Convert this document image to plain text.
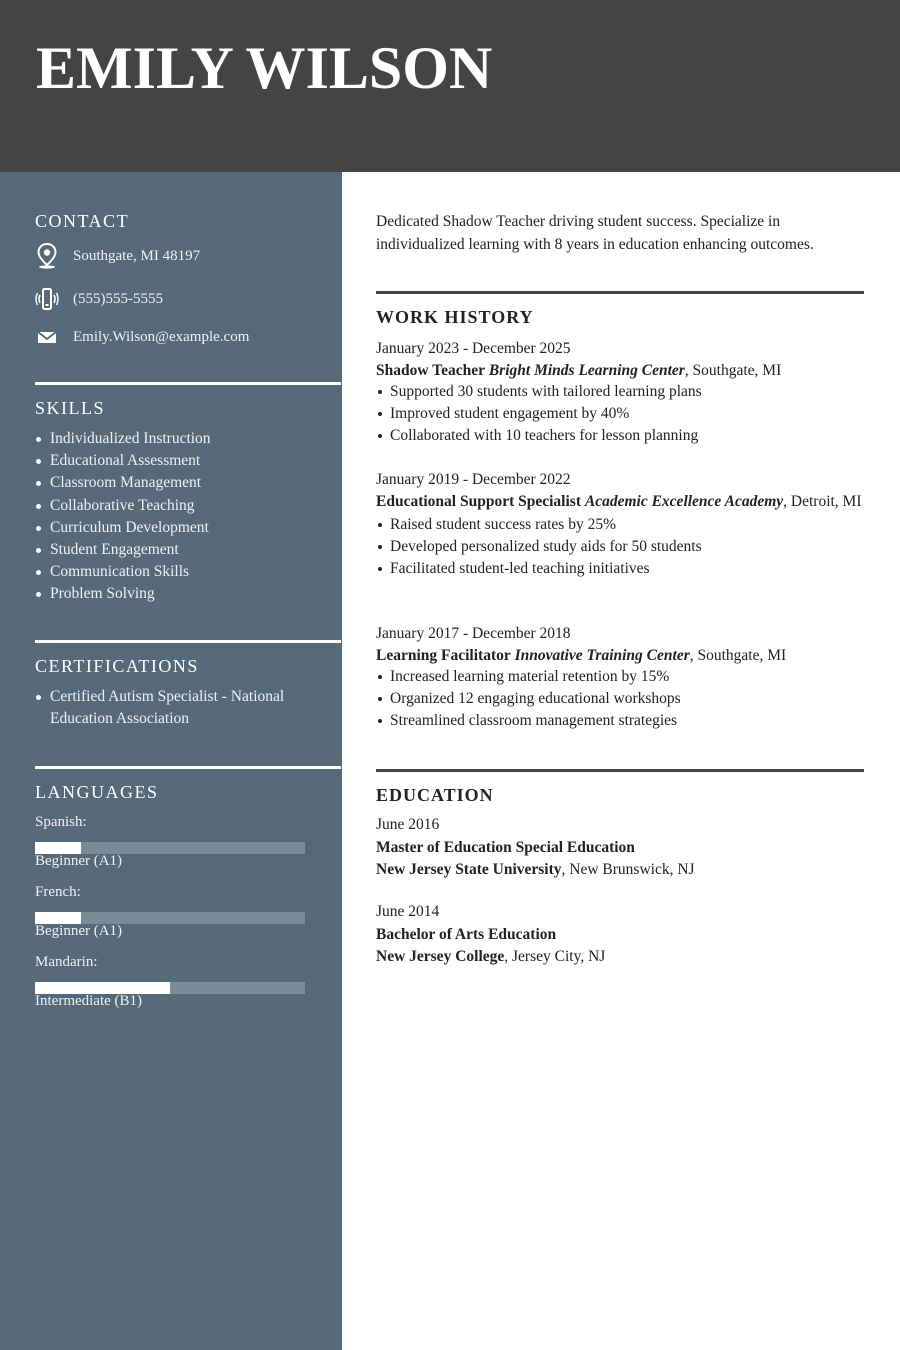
EMILY WILSON
CONTACT
Southgate, MI 48197
(555)555-5555
Emily.Wilson@example.com
SKILLS
Individualized Instruction
Educational Assessment
Classroom Management
Collaborative Teaching
Curriculum Development
Student Engagement
Communication Skills
Problem Solving
CERTIFICATIONS
Certified Autism Specialist - National Education Association
LANGUAGES
Spanish:
Beginner (A1)
French:
Beginner (A1)
Mandarin:
Intermediate (B1)
Dedicated Shadow Teacher driving student success. Specialize in individualized learning with 8 years in education enhancing outcomes.
WORK HISTORY
January 2023 - December 2025
Shadow Teacher Bright Minds Learning Center, Southgate, MI
Supported 30 students with tailored learning plans
Improved student engagement by 40%
Collaborated with 10 teachers for lesson planning
January 2019 - December 2022
Educational Support Specialist Academic Excellence Academy, Detroit, MI
Raised student success rates by 25%
Developed personalized study aids for 50 students
Facilitated student-led teaching initiatives
January 2017 - December 2018
Learning Facilitator Innovative Training Center, Southgate, MI
Increased learning material retention by 15%
Organized 12 engaging educational workshops
Streamlined classroom management strategies
EDUCATION
June 2016
Master of Education Special Education
New Jersey State University, New Brunswick, NJ
June 2014
Bachelor of Arts Education
New Jersey College, Jersey City, NJ
